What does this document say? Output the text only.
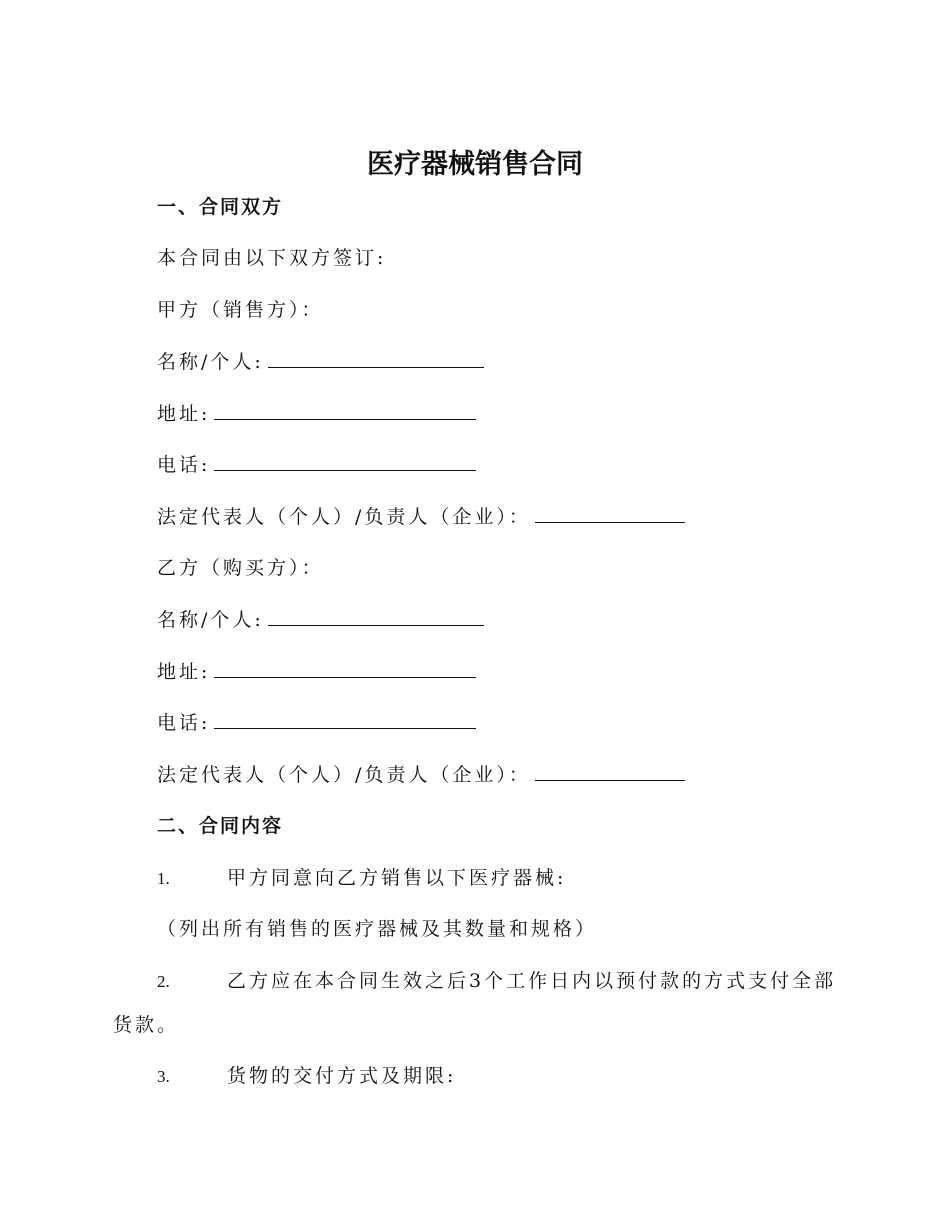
医疗器械销售合同
一、合同双方
本合同由以下双方签订:
甲方（销售方）：
名称/个人:
地址:
电话:
法定代表人（个人）/负责人（企业）：
乙方（购买方）：
名称/个人:
地址:
电话:
法定代表人（个人）/负责人（企业）：
二、合同内容
1.	甲方同意向乙方销售以下医疗器械:
（列出所有销售的医疗器械及其数量和规格）
2.	乙方应在本合同生效之后3个工作日内以预付款的方式支付全部
货款。
3.	货物的交付方式及期限:
